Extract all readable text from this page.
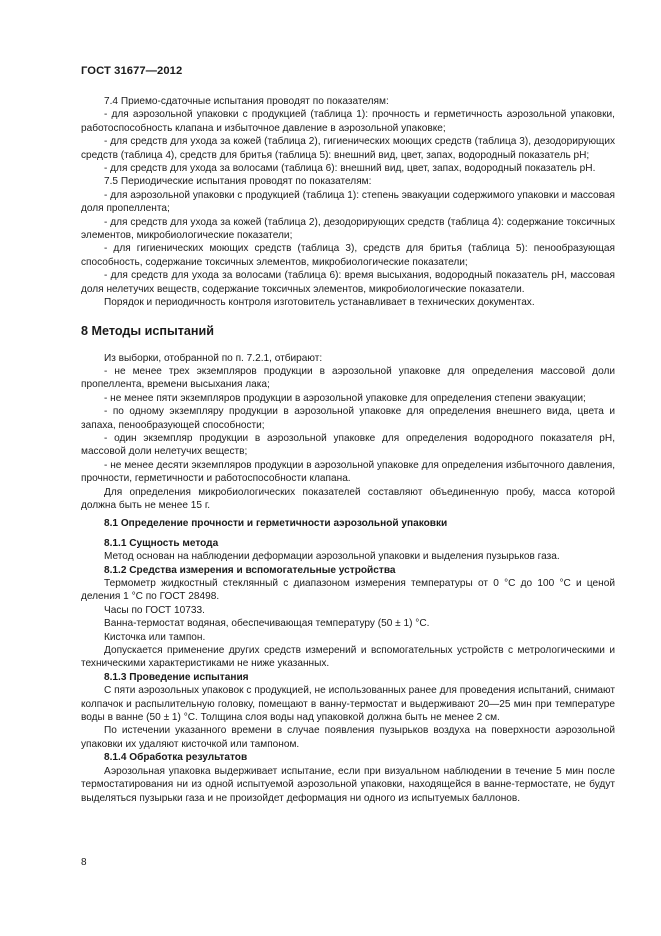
ГОСТ 31677—2012

7.4 Приемо-сдаточные испытания проводят по показателям:

- для аэрозольной упаковки с продукцией (таблица 1): прочность и герметичность аэрозольной упаковки, работоспособность клапана и избыточное давление в аэрозольной упаковке;

- для средств для ухода за кожей (таблица 2), гигиенических моющих средств (таблица 3), дезодорирующих средств (таблица 4), средств для бритья (таблица 5): внешний вид, цвет, запах, водородный показатель pH;

- для средств для ухода за волосами (таблица 6): внешний вид, цвет, запах, водородный показатель pH.

7.5 Периодические испытания проводят по показателям:

- для аэрозольной упаковки с продукцией (таблица 1): степень эвакуации содержимого упаковки и массовая доля пропеллента;

- для средств для ухода за кожей (таблица 2), дезодорирующих средств (таблица 4): содержание токсичных элементов, микробиологические показатели;

- для гигиенических моющих средств (таблица 3), средств для бритья (таблица 5): пенообразующая способность, содержание токсичных элементов, микробиологические показатели;

- для средств для ухода за волосами (таблица 6): время высыхания, водородный показатель pH, массовая доля нелетучих веществ, содержание токсичных элементов, микробиологические показатели.

Порядок и периодичность контроля изготовитель устанавливает в технических документах.

8 Методы испытаний

Из выборки, отобранной по п. 7.2.1, отбирают:

- не менее трех экземпляров продукции в аэрозольной упаковке для определения массовой доли пропеллента, времени высыхания лака;

- не менее пяти экземпляров продукции в аэрозольной упаковке для определения степени эвакуации;

- по одному экземпляру продукции в аэрозольной упаковке для определения внешнего вида, цвета и запаха, пенообразующей способности;

- один экземпляр продукции в аэрозольной упаковке для определения водородного показателя pH, массовой доли нелетучих веществ;

- не менее десяти экземпляров продукции в аэрозольной упаковке для определения избыточного давления, прочности, герметичности и работоспособности клапана.

Для определения микробиологических показателей составляют объединенную пробу, масса которой должна быть не менее 15 г.

8.1 Определение прочности и герметичности аэрозольной упаковки

8.1.1 Сущность метода

Метод основан на наблюдении деформации аэрозольной упаковки и выделения пузырьков газа.

8.1.2 Средства измерения и вспомогательные устройства

Термометр жидкостный стеклянный с диапазоном измерения температуры от 0 °С до 100 °С и ценой деления 1 °С по ГОСТ 28498.

Часы по ГОСТ 10733.

Ванна-термостат водяная, обеспечивающая температуру (50 ± 1) °С.

Кисточка или тампон.

Допускается применение других средств измерений и вспомогательных устройств с метрологическими и техническими характеристиками не ниже указанных.

8.1.3 Проведение испытания

С пяти аэрозольных упаковок с продукцией, не использованных ранее для проведения испытаний, снимают колпачок и распылительную головку, помещают в ванну-термостат и выдерживают 20—25 мин при температуре воды в ванне (50 ± 1) °С. Толщина слоя воды над упаковкой должна быть не менее 2 см.

По истечении указанного времени в случае появления пузырьков воздуха на поверхности аэрозольной упаковки их удаляют кисточкой или тампоном.

8.1.4 Обработка результатов

Аэрозольная упаковка выдерживает испытание, если при визуальном наблюдении в течение 5 мин после термостатирования ни из одной испытуемой аэрозольной упаковки, находящейся в ванне-термостате, не будут выделяться пузырьки газа и не произойдет деформация ни одного из испытуемых баллонов.

8
